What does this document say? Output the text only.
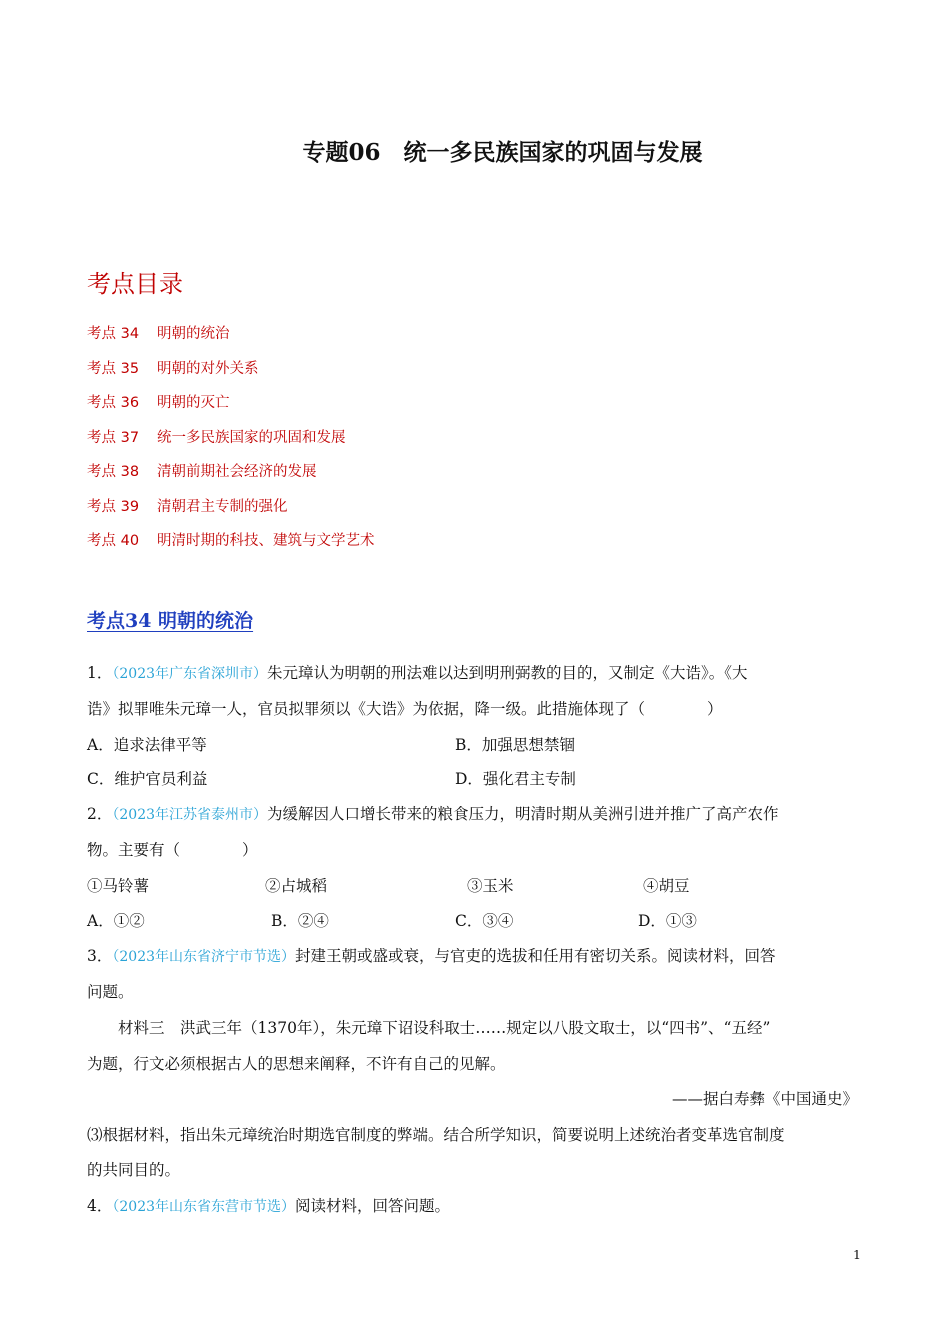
专题06　统一多民族国家的巩固与发展
考点目录
考点 34 明朝的统治
考点 35 明朝的对外关系
考点 36 明朝的灭亡
考点 37 统一多民族国家的巩固和发展
考点 38 清朝前期社会经济的发展
考点 39 清朝君主专制的强化
考点 40 明清时期的科技、建筑与文学艺术
考点34 明朝的统治
1．（2023年广东省深圳市）朱元璋认为明朝的刑法难以达到明刑弼教的目的，又制定《大诰》。《大
诰》拟罪唯朱元璋一人，官员拟罪须以《大诰》为依据，降一级。此措施体现了（　　　　）
A．追求法律平等	B．加强思想禁锢
C．维护官员利益	D．强化君主专制
2．（2023年江苏省泰州市）为缓解因人口增长带来的粮食压力，明清时期从美洲引进并推广了高产农作
物。主要有（　　　　）
①马铃薯	②占城稻	③玉米	④胡豆
A．①②	B．②④	C．③④	D．①③
3．（2023年山东省济宁市节选）封建王朝或盛或衰，与官吏的选拔和任用有密切关系。阅读材料，回答
问题。
材料三　洪武三年（1370年），朱元璋下诏设科取士……规定以八股文取士，以“四书”、“五经”
为题，行文必须根据古人的思想来阐释，不许有自己的见解。
——据白寿彝《中国通史》
⑶根据材料，指出朱元璋统治时期选官制度的弊端。结合所学知识，简要说明上述统治者变革选官制度
的共同目的。
4．（2023年山东省东营市节选）阅读材料，回答问题。
1
